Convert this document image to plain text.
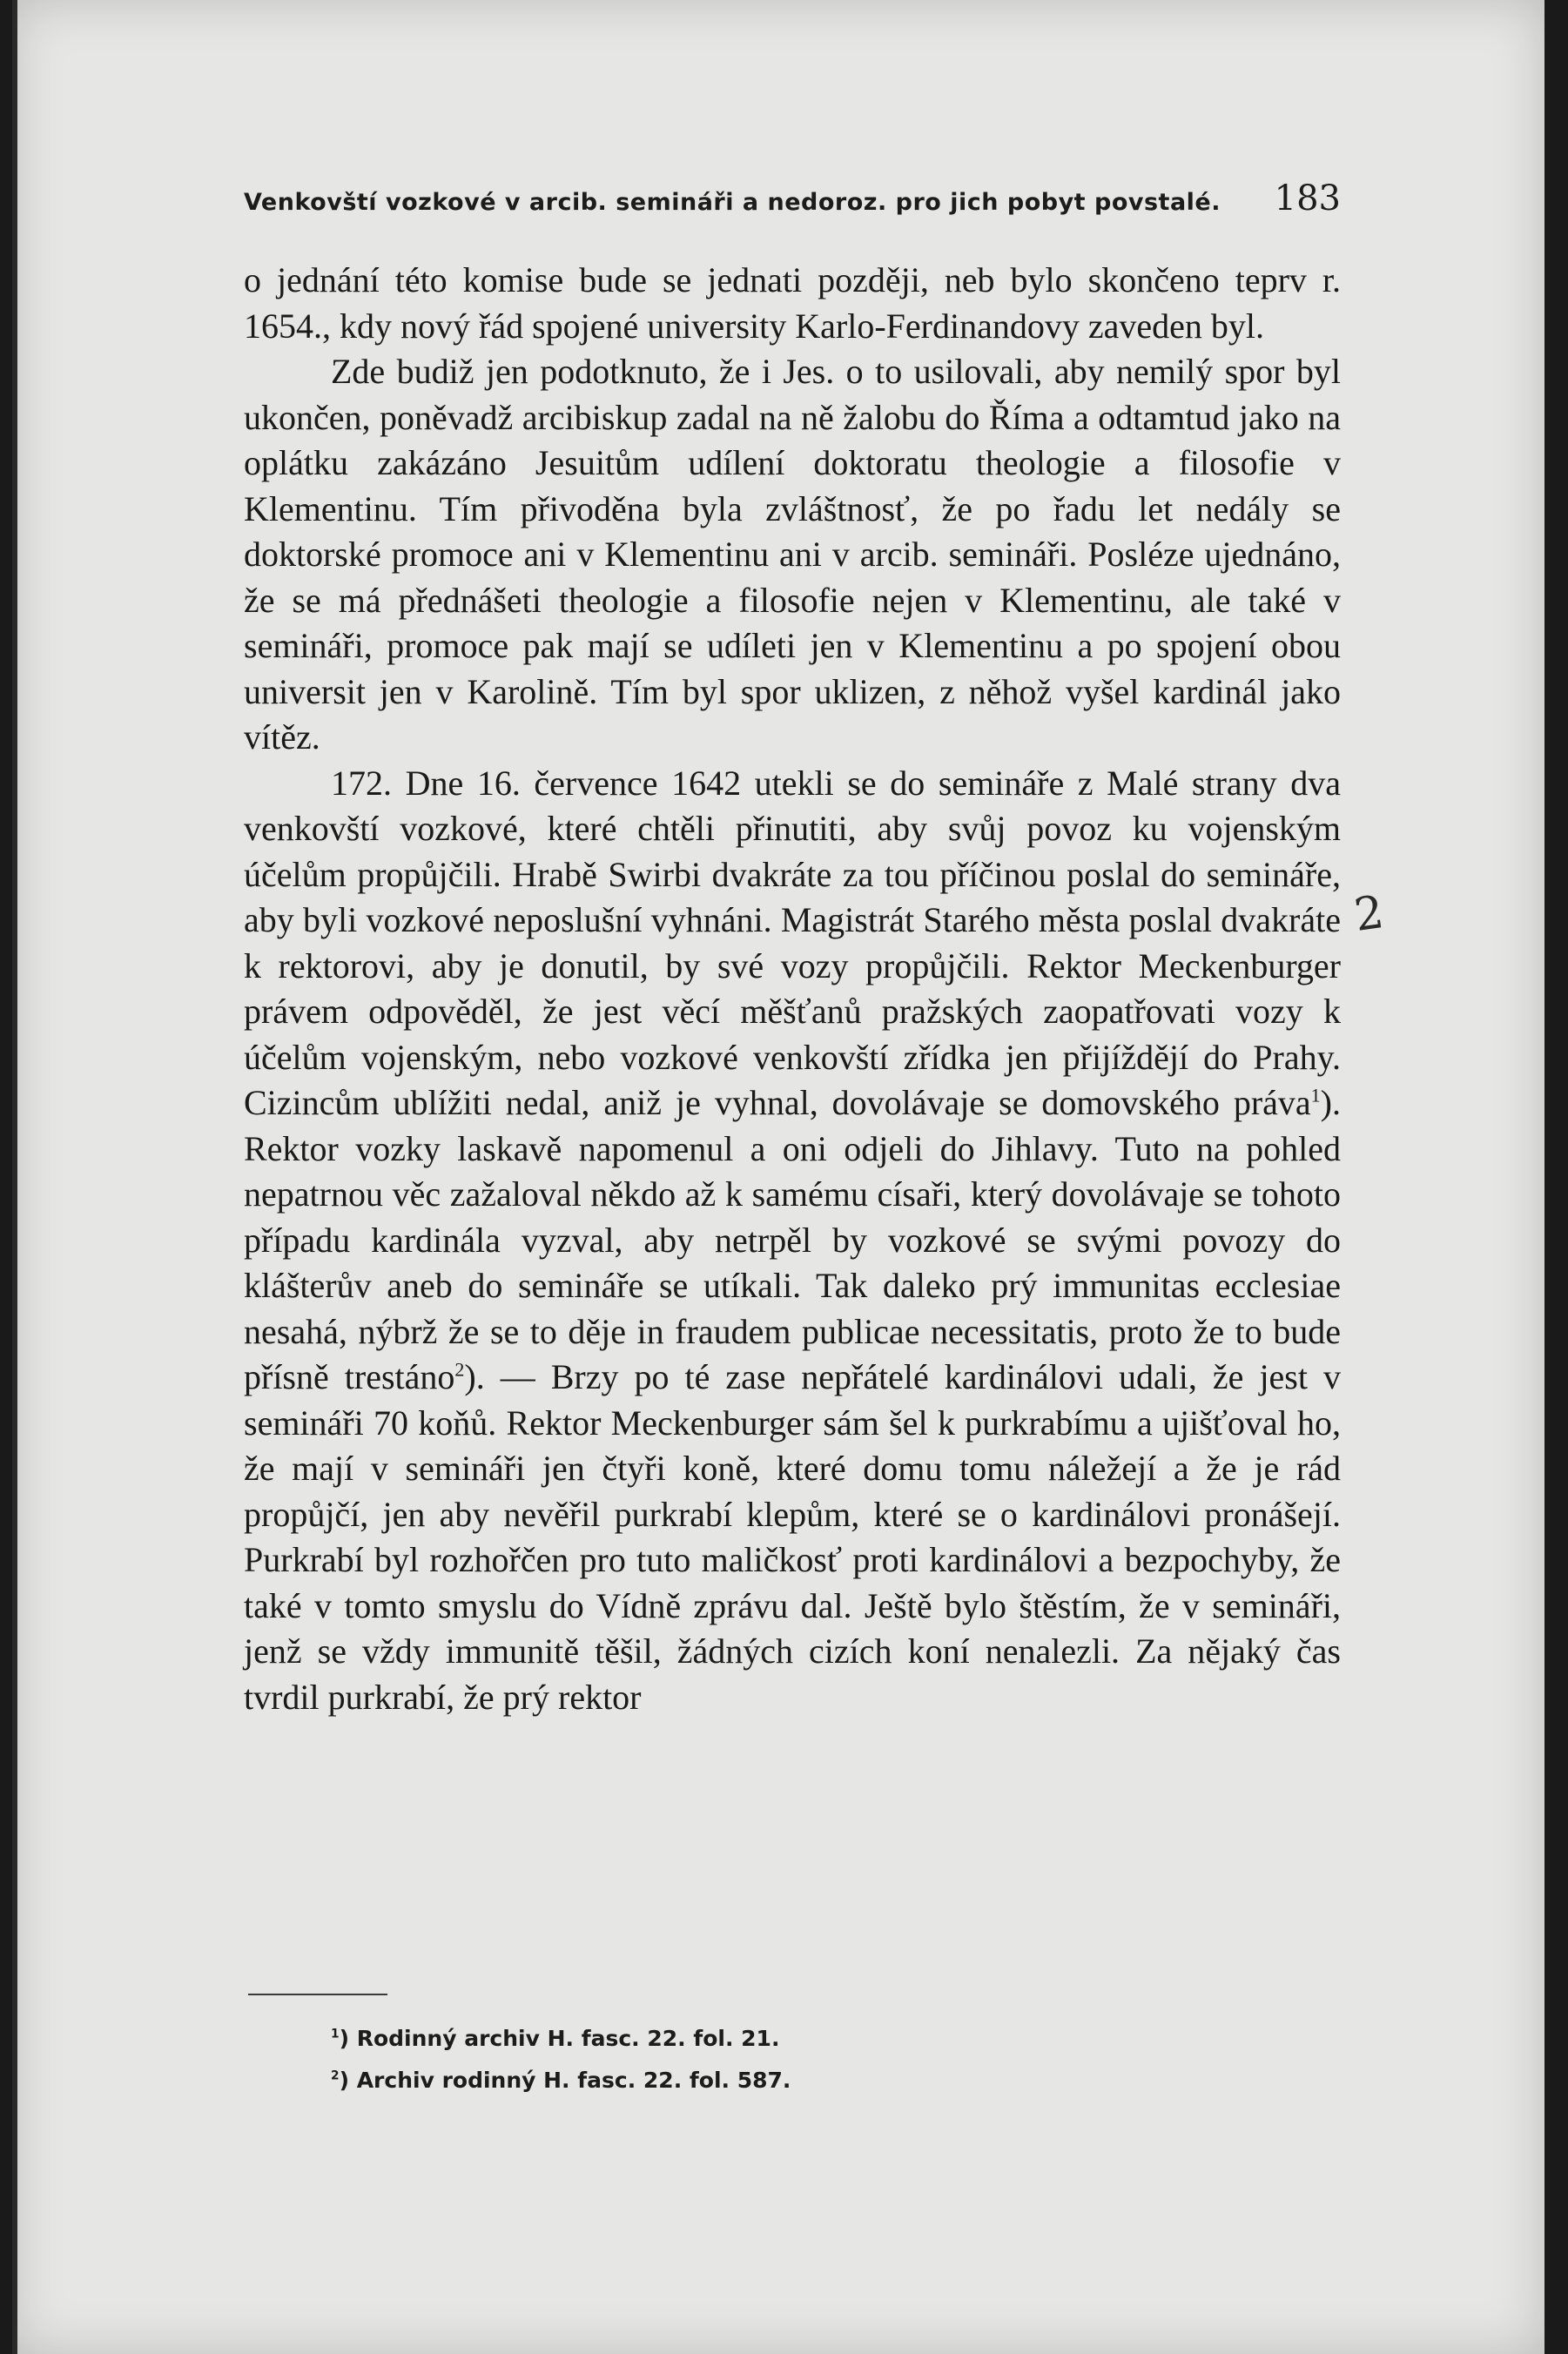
Venkovští vozkové v arcib. semináři a nedoroz. pro jich pobyt povstalé. 183

o jednání této komise bude se jednati později, neb bylo skončeno teprv r. 1654., kdy nový řád spojené university Karlo-Ferdinandovy zaveden byl.

Zde budiž jen podotknuto, že i Jes. o to usilovali, aby nemilý spor byl ukončen, poněvadž arcibiskup zadal na ně žalobu do Říma a odtamtud jako na oplátku zakázáno Jesuitům udílení doktoratu theologie a filosofie v Klementinu. Tím přivoděna byla zvláštnosť, že po řadu let nedály se doktorské promoce ani v Klementinu ani v arcib. semináři. Posléze ujednáno, že se má přednášeti theologie a filosofie nejen v Klementinu, ale také v semináři, promoce pak mají se udíleti jen v Klementinu a po spojení obou universit jen v Karolině. Tím byl spor uklizen, z něhož vyšel kardinál jako vítěz.

172. Dne 16. července 1642 utekli se do semináře z Malé strany dva venkovští vozkové, které chtěli přinutiti, aby svůj povoz ku vojenským účelům propůjčili. Hrabě Swirbi dvakráte za tou příčinou poslal do semináře, aby byli vozkové neposlušní vyhnáni. Magistrát Starého města poslal dvakráte k rektorovi, aby je donutil, by své vozy propůjčili. Rektor Meckenburger právem odpověděl, že jest věcí měšťanů pražských zaopatřovati vozy k účelům vojenským, nebo vozkové venkovští zřídka jen přijíždějí do Prahy. Cizincům ublížiti nedal, aniž je vyhnal, dovolávaje se domovského práva$^1$). Rektor vozky laskavě napomenul a oni odjeli do Jihlavy. Tuto na pohled nepatrnou věc zažaloval někdo až k samému císaři, který dovolávaje se tohoto případu kardinála vyzval, aby netrpěl by vozkové se svými povozy do klášterův aneb do semináře se utíkali. Tak daleko prý immunitas ecclesiae nesahá, nýbrž že se to děje in fraudem publicae necessitatis, proto že to bude přísně trestáno$^2$). — Brzy po té zase nepřátelé kardinálovi udali, že jest v semináři 70 koňů. Rektor Meckenburger sám šel k purkrabímu a ujišťoval ho, že mají v semináři jen čtyři koně, které domu tomu náležejí a že je rád propůjčí, jen aby nevěřil purkrabí klepům, které se o kardinálovi pronášejí. Purkrabí byl rozhořčen pro tuto maličkosť proti kardinálovi a bezpochyby, že také v tomto smyslu do Vídně zprávu dal. Ještě bylo štěstím, že v semináři, jenž se vždy immunitě těšil, žádných cizích koní nenalezli. Za nějaký čas tvrdil purkrabí, že prý rektor

2
$^1$) Rodinný archiv H. fasc. 22. fol. 21.
$^2$) Archiv rodinný H. fasc. 22. fol. 587.
